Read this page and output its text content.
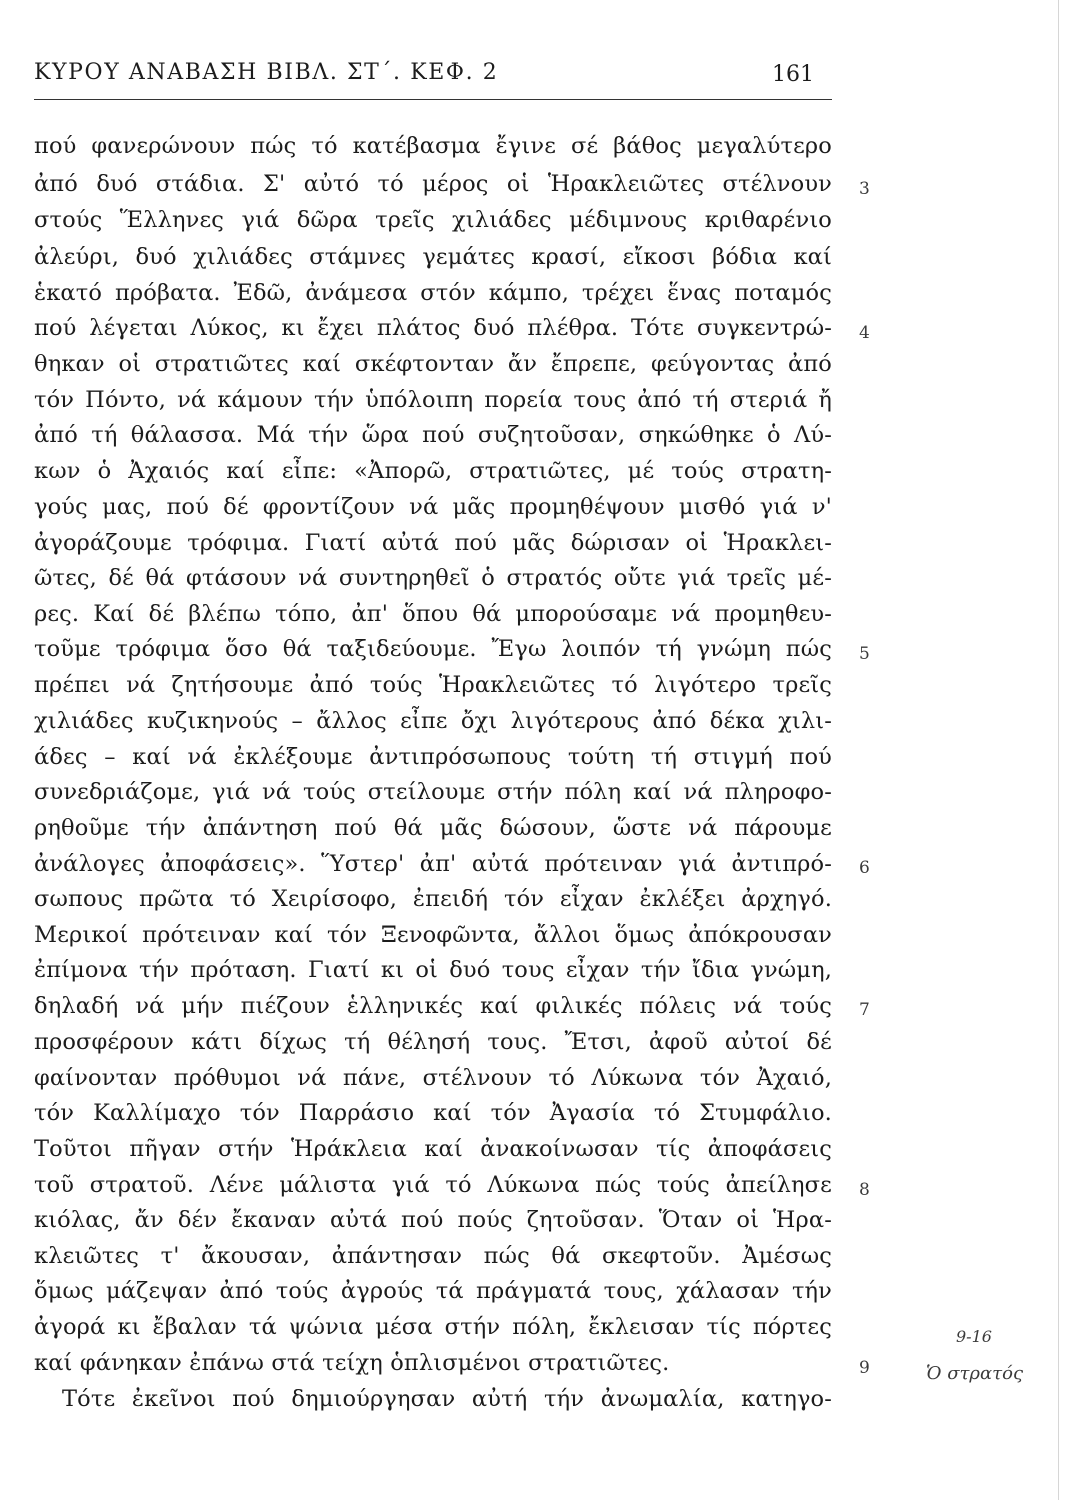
ΚΥΡΟΥ ΑΝΑΒΑΣΗ ΒΙΒΛ. ΣΤ΄. ΚΕΦ. 2	161
πού φανερώνουν πώς τό κατέβασμα ἔγινε σέ βάθος μεγαλύτερο
ἀπό δυό στάδια. Σ' αὐτό τό μέρος οἱ Ἡρακλειῶτες στέλνουν
στούς Ἕλληνες γιά δῶρα τρεῖς χιλιάδες μέδιμνους κριθαρένιο
ἀλεύρι, δυό χιλιάδες στάμνες γεμάτες κρασί, εἴκοσι βόδια καί
ἑκατό πρόβατα. Ἐδῶ, ἀνάμεσα στόν κάμπο, τρέχει ἕνας ποταμός
πού λέγεται Λύκος, κι ἔχει πλάτος δυό πλέθρα. Τότε συγκεντρώ-
θηκαν οἱ στρατιῶτες καί σκέφτονταν ἄν ἔπρεπε, φεύγοντας ἀπό
τόν Πόντο, νά κάμουν τήν ὑπόλοιπη πορεία τους ἀπό τή στεριά ἤ
ἀπό τή θάλασσα. Μά τήν ὥρα πού συζητοῦσαν, σηκώθηκε ὁ Λύ-
κων ὁ Ἀχαιός καί εἶπε: «Ἀπορῶ, στρατιῶτες, μέ τούς στρατη-
γούς μας, πού δέ φροντίζουν νά μᾶς προμηθέψουν μισθό γιά ν'
ἀγοράζουμε τρόφιμα. Γιατί αὐτά πού μᾶς δώρισαν οἱ Ἡρακλει-
ῶτες, δέ θά φτάσουν νά συντηρηθεῖ ὁ στρατός οὔτε γιά τρεῖς μέ-
ρες. Καί δέ βλέπω τόπο, ἀπ' ὅπου θά μπορούσαμε νά προμηθευ-
τοῦμε τρόφιμα ὅσο θά ταξιδεύουμε. Ἔγω λοιπόν τή γνώμη πώς
πρέπει νά ζητήσουμε ἀπό τούς Ἡρακλειῶτες τό λιγότερο τρεῖς
χιλιάδες κυζικηνούς – ἄλλος εἶπε ὄχι λιγότερους ἀπό δέκα χιλι-
άδες – καί νά ἐκλέξουμε ἀντιπρόσωπους τούτη τή στιγμή πού
συνεδριάζομε, γιά νά τούς στείλουμε στήν πόλη καί νά πληροφο-
ρηθοῦμε τήν ἀπάντηση πού θά μᾶς δώσουν, ὥστε νά πάρουμε
ἀνάλογες ἀποφάσεις». Ὕστερ' ἀπ' αὐτά πρότειναν γιά ἀντιπρό-
σωπους πρῶτα τό Χειρίσοφο, ἐπειδή τόν εἶχαν ἐκλέξει ἀρχηγό.
Μερικοί πρότειναν καί τόν Ξενοφῶντα, ἄλλοι ὅμως ἀπόκρουσαν
ἐπίμονα τήν πρόταση. Γιατί κι οἱ δυό τους εἶχαν τήν ἴδια γνώμη,
δηλαδή νά μήν πιέζουν ἑλληνικές καί φιλικές πόλεις νά τούς
προσφέρουν κάτι δίχως τή θέλησή τους. Ἔτσι, ἀφοῦ αὐτοί δέ
φαίνονταν πρόθυμοι νά πάνε, στέλνουν τό Λύκωνα τόν Ἀχαιό,
τόν Καλλίμαχο τόν Παρράσιο καί τόν Ἀγασία τό Στυμφάλιο.
Τοῦτοι πῆγαν στήν Ἡράκλεια καί ἀνακοίνωσαν τίς ἀποφάσεις
τοῦ στρατοῦ. Λένε μάλιστα γιά τό Λύκωνα πώς τούς ἀπείλησε
κιόλας, ἄν δέν ἔκαναν αὐτά πού πούς ζητοῦσαν. Ὅταν οἱ Ἡρα-
κλειῶτες τ' ἄκουσαν, ἀπάντησαν πώς θά σκεφτοῦν. Ἀμέσως
ὅμως μάζεψαν ἀπό τούς ἀγρούς τά πράγματά τους, χάλασαν τήν
ἀγορά κι ἔβαλαν τά ψώνια μέσα στήν πόλη, ἔκλεισαν τίς πόρτες
καί φάνηκαν ἐπάνω στά τείχη ὁπλισμένοι στρατιῶτες.
Τότε ἐκεῖνοι πού δημιούργησαν αὐτή τήν ἀνωμαλία, κατηγο-
3
4
5
6
7
8
9
9-16
Ὁ στρατός
